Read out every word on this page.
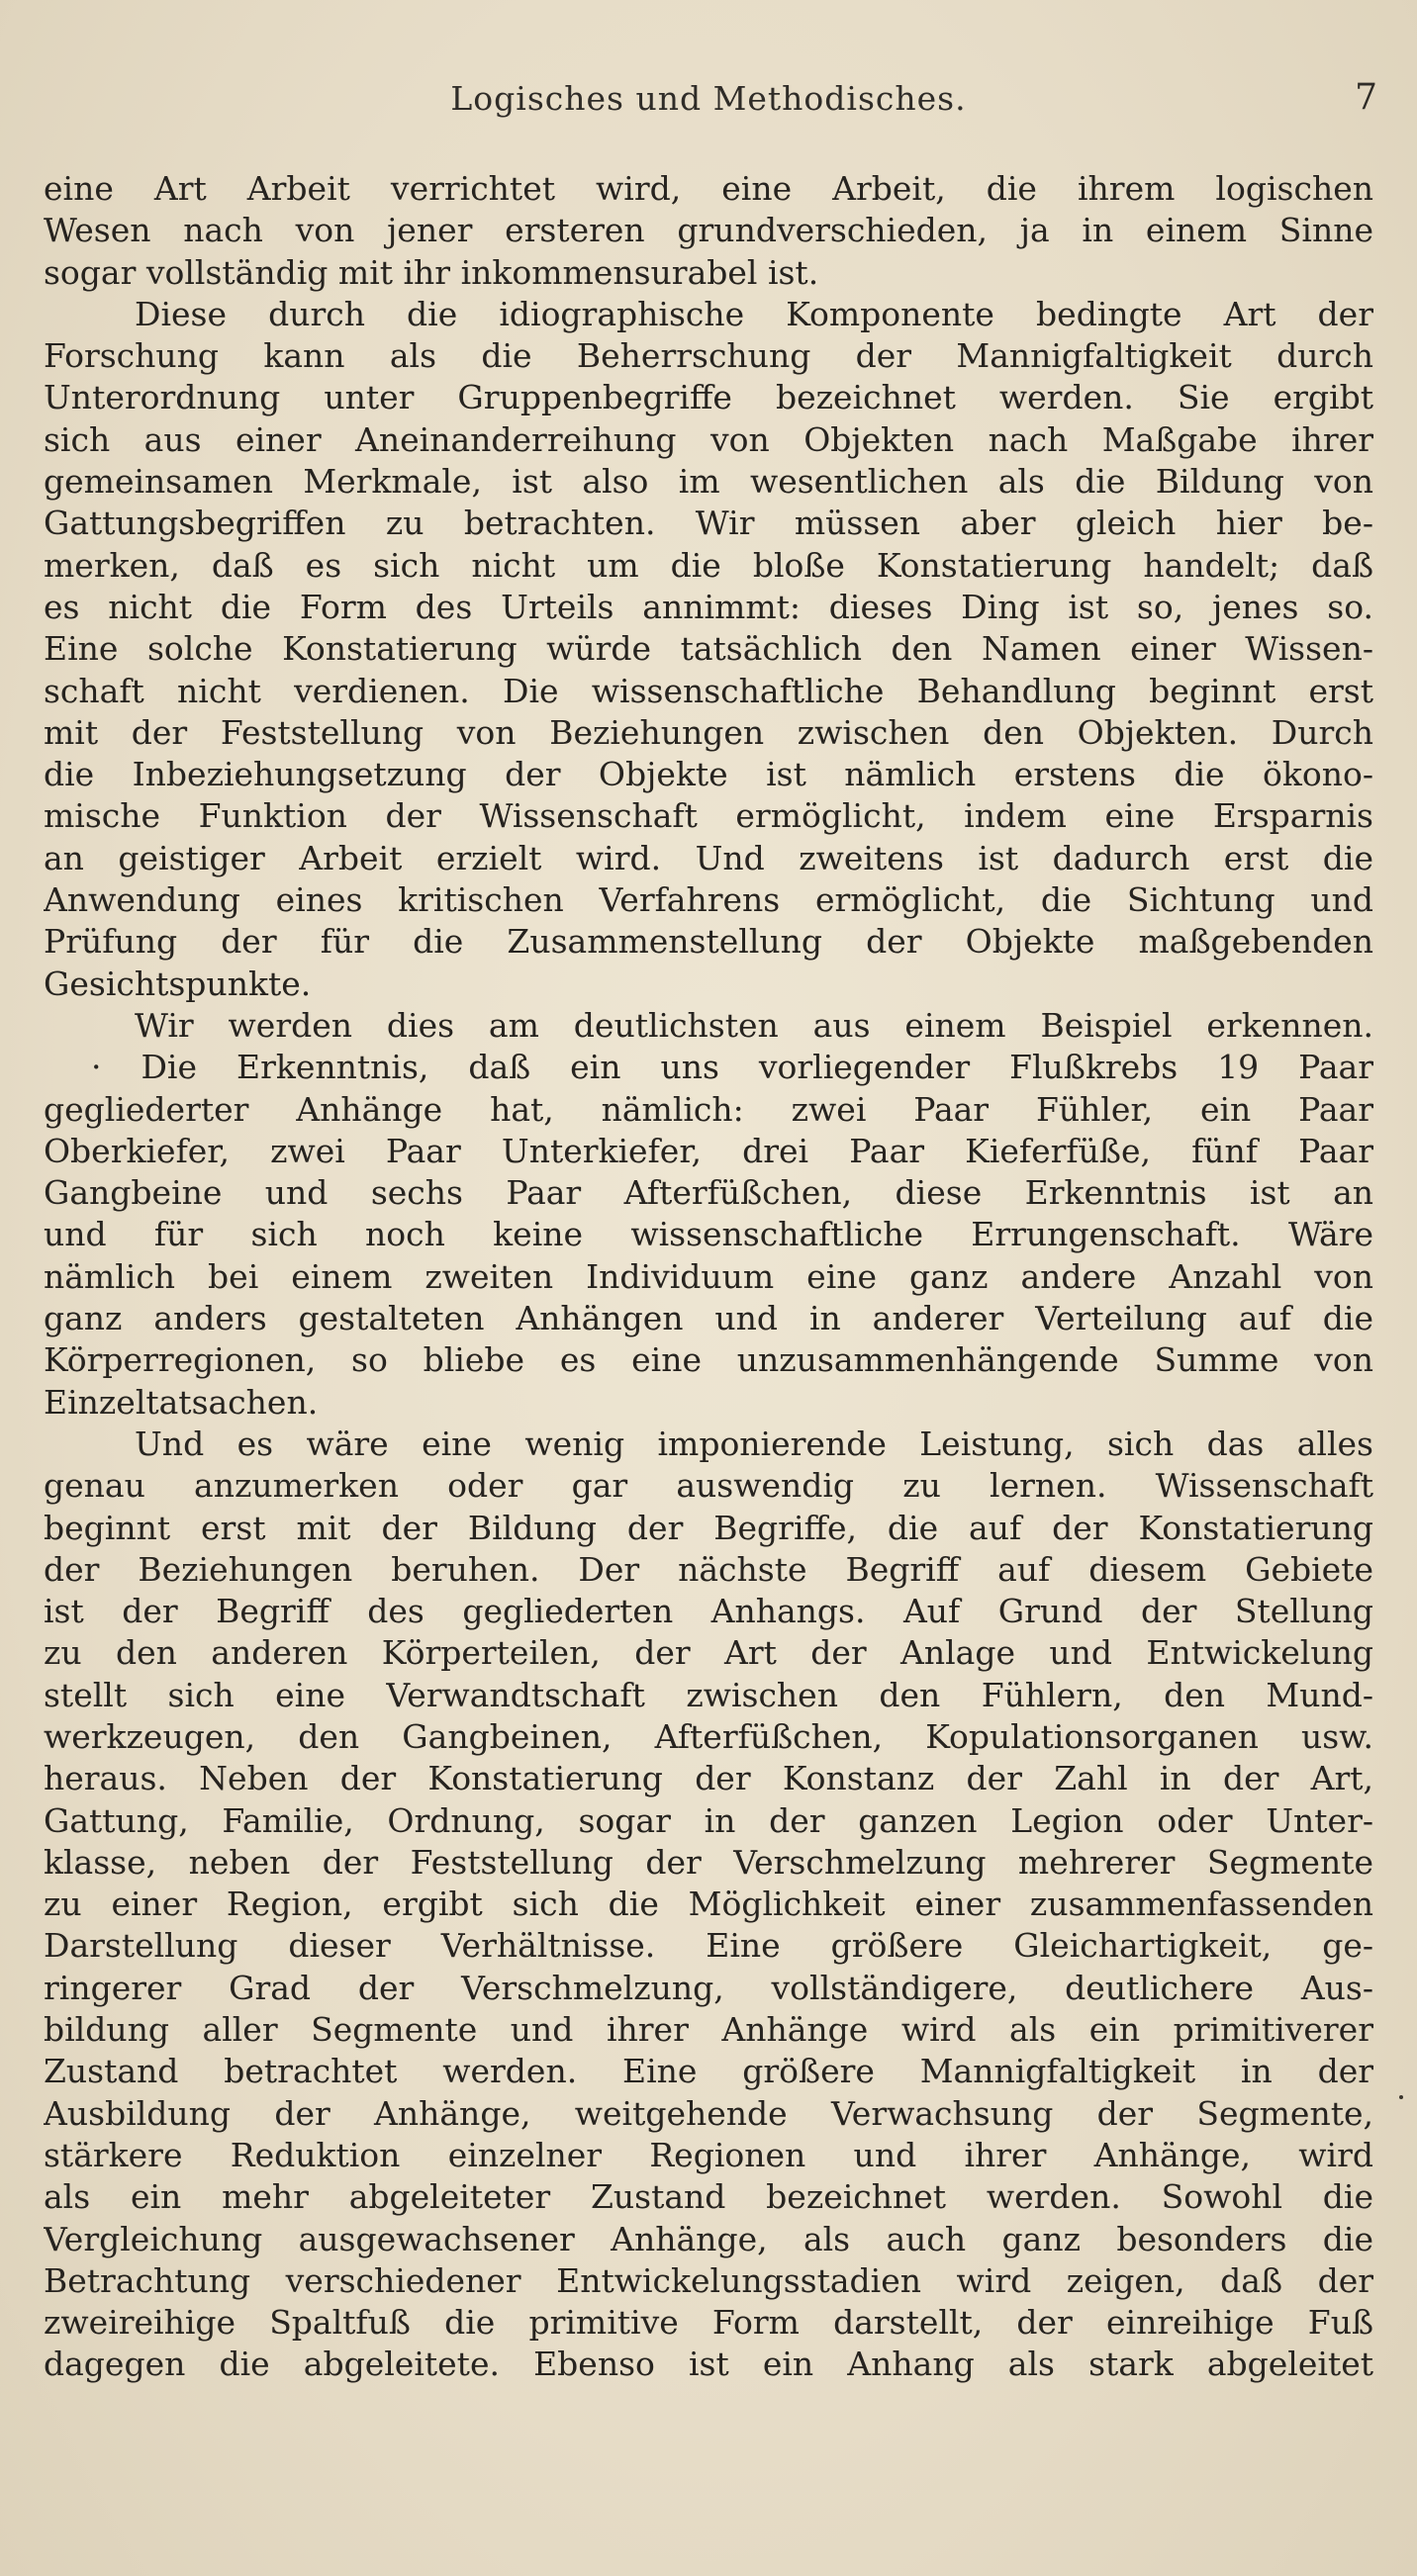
Logisches und Methodisches.	7
eine Art Arbeit verrichtet wird, eine Arbeit, die ihrem logischen
Wesen nach von jener ersteren grundverschieden, ja in einem Sinne
sogar vollständig mit ihr inkommensurabel ist.
Diese durch die idiographische Komponente bedingte Art der
Forschung kann als die Beherrschung der Mannigfaltigkeit durch
Unterordnung unter Gruppenbegriffe bezeichnet werden. Sie ergibt
sich aus einer Aneinanderreihung von Objekten nach Maßgabe ihrer
gemeinsamen Merkmale, ist also im wesentlichen als die Bildung von
Gattungsbegriffen zu betrachten. Wir müssen aber gleich hier be-
merken, daß es sich nicht um die bloße Konstatierung handelt; daß
es nicht die Form des Urteils annimmt: dieses Ding ist so, jenes so.
Eine solche Konstatierung würde tatsächlich den Namen einer Wissen-
schaft nicht verdienen. Die wissenschaftliche Behandlung beginnt erst
mit der Feststellung von Beziehungen zwischen den Objekten. Durch
die Inbeziehungsetzung der Objekte ist nämlich erstens die ökono-
mische Funktion der Wissenschaft ermöglicht, indem eine Ersparnis
an geistiger Arbeit erzielt wird. Und zweitens ist dadurch erst die
Anwendung eines kritischen Verfahrens ermöglicht, die Sichtung und
Prüfung der für die Zusammenstellung der Objekte maßgebenden
Gesichtspunkte.
Wir werden dies am deutlichsten aus einem Beispiel erkennen.
· Die Erkenntnis, daß ein uns vorliegender Flußkrebs 19 Paar
gegliederter Anhänge hat, nämlich: zwei Paar Fühler, ein Paar
Oberkiefer, zwei Paar Unterkiefer, drei Paar Kieferfüße, fünf Paar
Gangbeine und sechs Paar Afterfüßchen, diese Erkenntnis ist an
und für sich noch keine wissenschaftliche Errungenschaft. Wäre
nämlich bei einem zweiten Individuum eine ganz andere Anzahl von
ganz anders gestalteten Anhängen und in anderer Verteilung auf die
Körperregionen, so bliebe es eine unzusammenhängende Summe von
Einzeltatsachen.
Und es wäre eine wenig imponierende Leistung, sich das alles
genau anzumerken oder gar auswendig zu lernen. Wissenschaft
beginnt erst mit der Bildung der Begriffe, die auf der Konstatierung
der Beziehungen beruhen. Der nächste Begriff auf diesem Gebiete
ist der Begriff des gegliederten Anhangs. Auf Grund der Stellung
zu den anderen Körperteilen, der Art der Anlage und Entwickelung
stellt sich eine Verwandtschaft zwischen den Fühlern, den Mund-
werkzeugen, den Gangbeinen, Afterfüßchen, Kopulationsorganen usw.
heraus. Neben der Konstatierung der Konstanz der Zahl in der Art,
Gattung, Familie, Ordnung, sogar in der ganzen Legion oder Unter-
klasse, neben der Feststellung der Verschmelzung mehrerer Segmente
zu einer Region, ergibt sich die Möglichkeit einer zusammenfassenden
Darstellung dieser Verhältnisse. Eine größere Gleichartigkeit, ge-
ringerer Grad der Verschmelzung, vollständigere, deutlichere Aus-
bildung aller Segmente und ihrer Anhänge wird als ein primitiverer
Zustand betrachtet werden. Eine größere Mannigfaltigkeit in der
Ausbildung der Anhänge, weitgehende Verwachsung der Segmente,
stärkere Reduktion einzelner Regionen und ihrer Anhänge, wird
als ein mehr abgeleiteter Zustand bezeichnet werden. Sowohl die
Vergleichung ausgewachsener Anhänge, als auch ganz besonders die
Betrachtung verschiedener Entwickelungsstadien wird zeigen, daß der
zweireihige Spaltfuß die primitive Form darstellt, der einreihige Fuß
dagegen die abgeleitete. Ebenso ist ein Anhang als stark abgeleitet
